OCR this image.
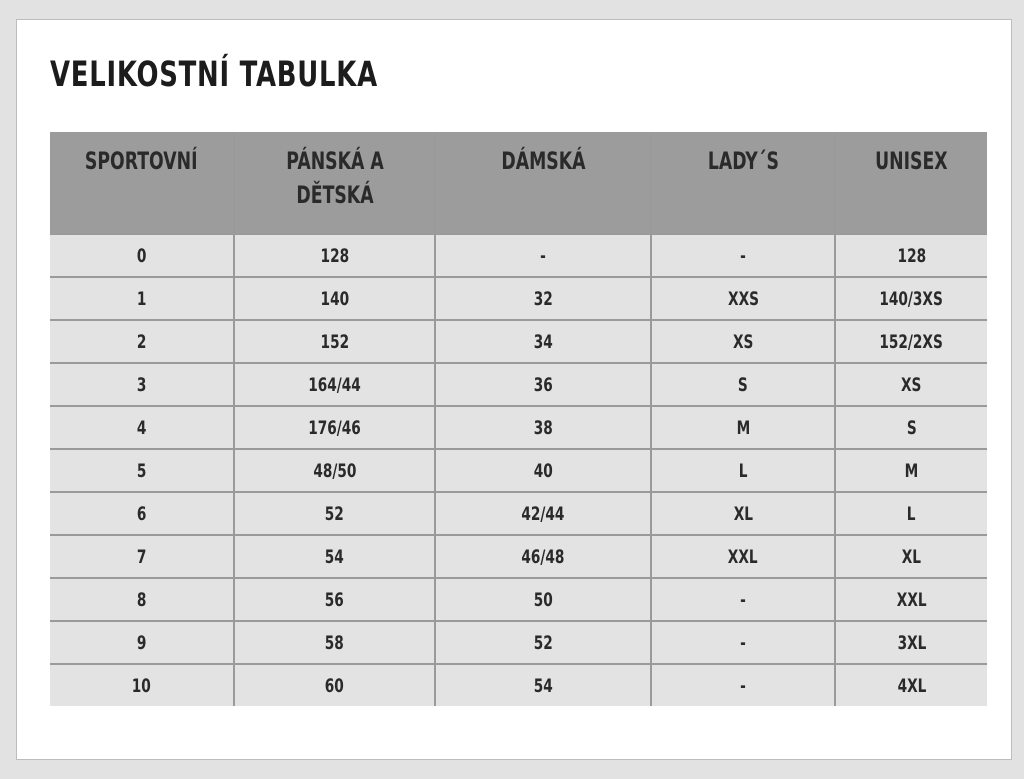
VELIKOSTNÍ TABULKA
SPORTOVNÍ	PÁNSKÁ A DĚTSKÁ	DÁMSKÁ	LADY´S	UNISEX
0	128	-	-	128
1	140	32	XXS	140/3XS
2	152	34	XS	152/2XS
3	164/44	36	S	XS
4	176/46	38	M	S
5	48/50	40	L	M
6	52	42/44	XL	L
7	54	46/48	XXL	XL
8	56	50	-	XXL
9	58	52	-	3XL
10	60	54	-	4XL
